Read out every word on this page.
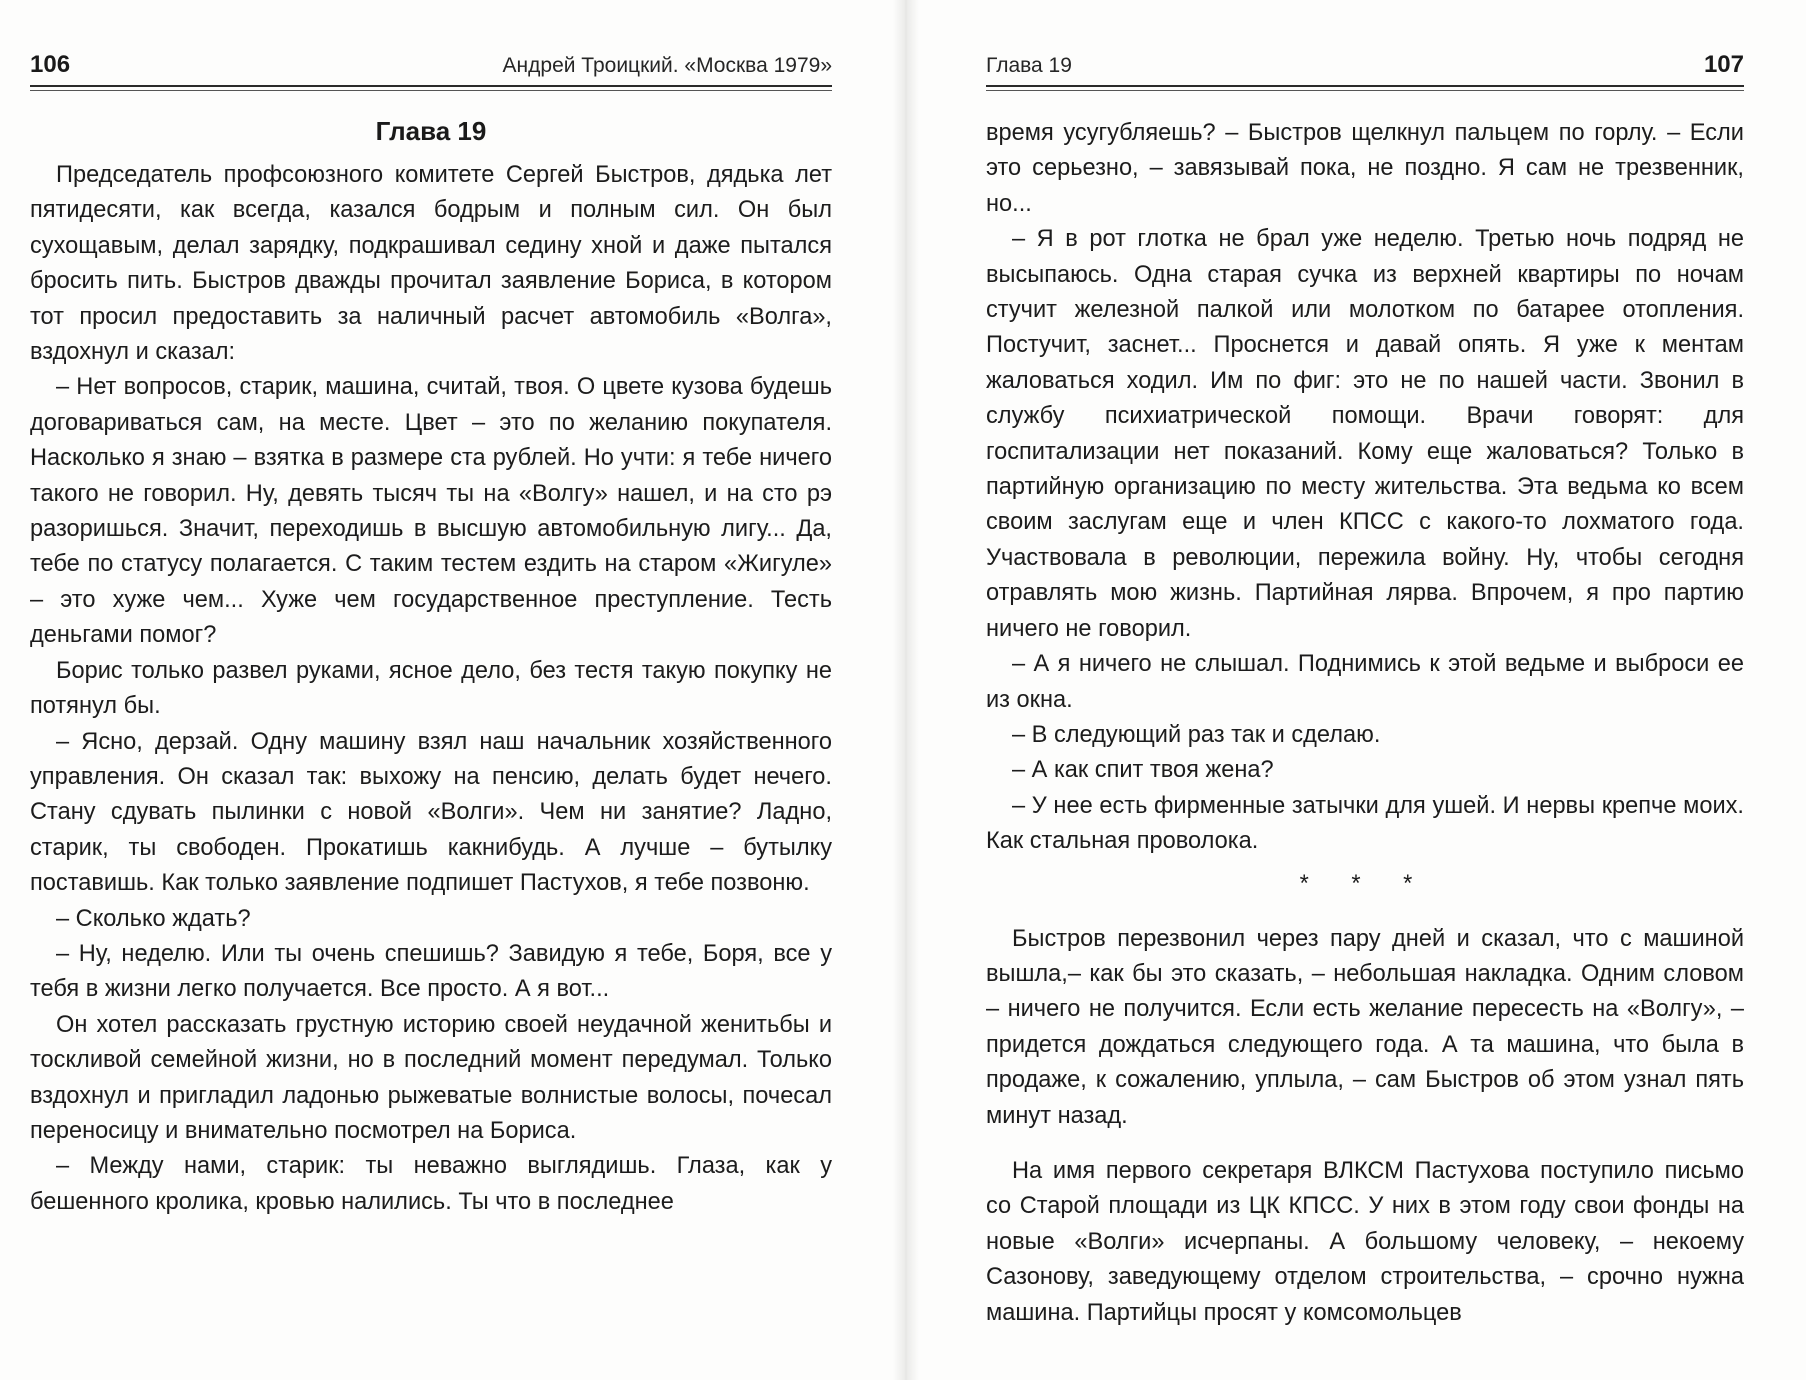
106	Андрей Троицкий. «Москва 1979»
Глава 19

Председатель профсоюзного комитете Сергей Быстров, дядька лет пятидесяти, как всегда, казался бодрым и полным сил. Он был сухощавым, делал зарядку, подкрашивал седину хной и даже пытался бросить пить. Быстров дважды прочитал заявление Бориса, в котором тот просил предоставить за наличный расчет автомобиль «Волга», вздохнул и сказал:

– Нет вопросов, старик, машина, считай, твоя. О цвете кузова будешь договариваться сам, на месте. Цвет – это по желанию покупателя. Насколько я знаю – взятка в размере ста рублей. Но учти: я тебе ничего такого не говорил. Ну, девять тысяч ты на «Волгу» нашел, и на сто рэ разоришься. Значит, переходишь в высшую автомобильную лигу... Да, тебе по статусу полагается. С таким тестем ездить на старом «Жигуле» – это хуже чем... Хуже чем государственное преступление. Тесть деньгами помог?

Борис только развел руками, ясное дело, без тестя такую покупку не потянул бы.

– Ясно, дерзай. Одну машину взял наш начальник хозяйственного управления. Он сказал так: выхожу на пенсию, делать будет нечего. Стану сдувать пылинки с новой «Волги». Чем ни занятие? Ладно, старик, ты свободен. Прокатишь какнибудь. А лучше – бутылку поставишь. Как только заявление подпишет Пастухов, я тебе позвоню.

– Сколько ждать?

– Ну, неделю. Или ты очень спешишь? Завидую я тебе, Боря, все у тебя в жизни легко получается. Все просто. А я вот...

Он хотел рассказать грустную историю своей неудачной женитьбы и тоскливой семейной жизни, но в последний момент передумал. Только вздохнул и пригладил ладонью рыжеватые волнистые волосы, почесал переносицу и внимательно посмотрел на Бориса.

– Между нами, старик: ты неважно выглядишь. Глаза, как у бешенного кролика, кровью налились. Ты что в последнее

Глава 19	107

время усугубляешь? – Быстров щелкнул пальцем по горлу. – Если это серьезно, – завязывай пока, не поздно. Я сам не трезвенник, но...

– Я в рот глотка не брал уже неделю. Третью ночь подряд не высыпаюсь. Одна старая сучка из верхней квартиры по ночам стучит железной палкой или молотком по батарее отопления. Постучит, заснет... Проснется и давай опять. Я уже к ментам жаловаться ходил. Им по фиг: это не по нашей части. Звонил в службу психиатрической помощи. Врачи говорят: для госпитализации нет показаний. Кому еще жаловаться? Только в партийную организацию по месту жительства. Эта ведьма ко всем своим заслугам еще и член КПСС с какого-то лохматого года. Участвовала в революции, пережила войну. Ну, чтобы сегодня отравлять мою жизнь. Партийная лярва. Впрочем, я про партию ничего не говорил.

– А я ничего не слышал. Поднимись к этой ведьме и выброси ее из окна.

– В следующий раз так и сделаю.

– А как спит твоя жена?

– У нее есть фирменные затычки для ушей. И нервы крепче моих. Как стальная проволока.

* * *

Быстров перезвонил через пару дней и сказал, что с машиной вышла,– как бы это сказать, – небольшая накладка. Одним словом – ничего не получится. Если есть желание пересесть на «Волгу», – придется дождаться следующего года. А та машина, что была в продаже, к сожалению, уплыла, – сам Быстров об этом узнал пять минут назад.

На имя первого секретаря ВЛКСМ Пастухова поступило письмо со Старой площади из ЦК КПСС. У них в этом году свои фонды на новые «Волги» исчерпаны. А большому человеку, – некоему Сазонову, заведующему отделом строительства, – срочно нужна машина. Партийцы просят у комсомольцев
